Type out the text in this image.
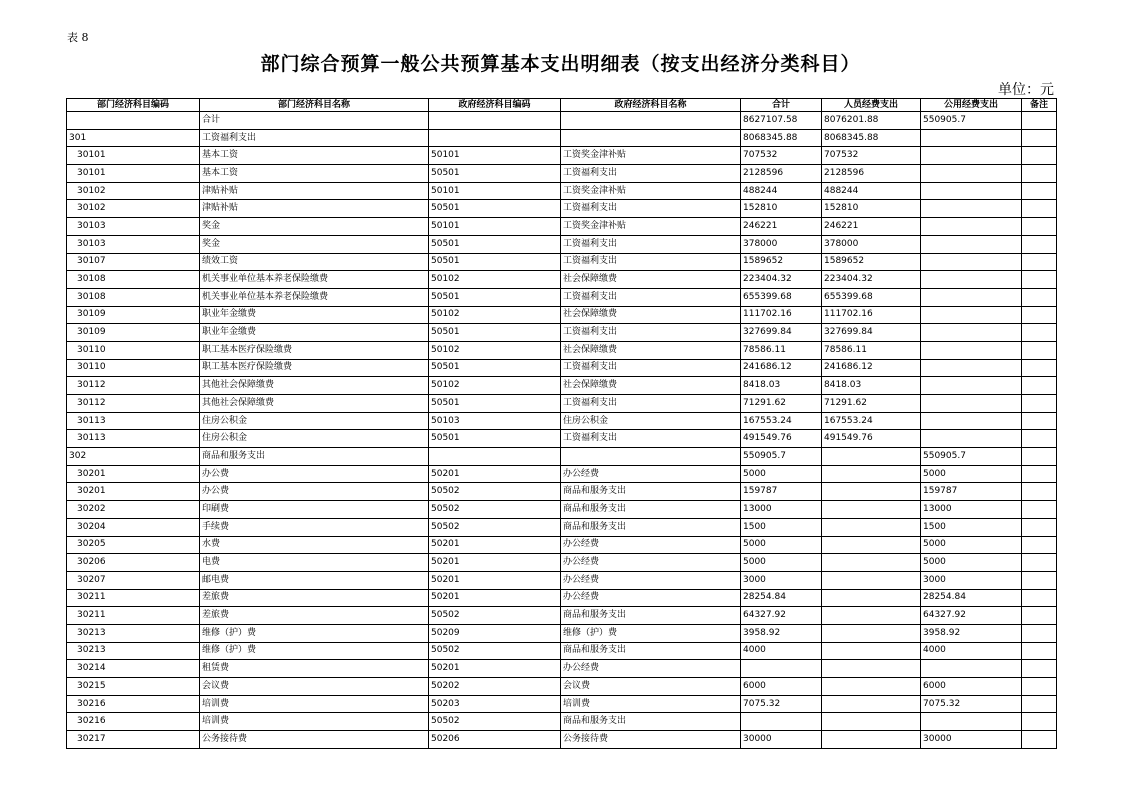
表 8
部门综合预算一般公共预算基本支出明细表（按支出经济分类科目）
单位：元
部门经济科目编码	部门经济科目名称	政府经济科目编码	政府经济科目名称	合计	人员经费支出	公用经费支出	备注
	合计			8627107.58	8076201.88	550905.7	
301	工资福利支出			8068345.88	8068345.88		
30101	基本工资	50101	工资奖金津补贴	707532	707532		
30101	基本工资	50501	工资福利支出	2128596	2128596		
30102	津贴补贴	50101	工资奖金津补贴	488244	488244		
30102	津贴补贴	50501	工资福利支出	152810	152810		
30103	奖金	50101	工资奖金津补贴	246221	246221		
30103	奖金	50501	工资福利支出	378000	378000		
30107	绩效工资	50501	工资福利支出	1589652	1589652		
30108	机关事业单位基本养老保险缴费	50102	社会保障缴费	223404.32	223404.32		
30108	机关事业单位基本养老保险缴费	50501	工资福利支出	655399.68	655399.68		
30109	职业年金缴费	50102	社会保障缴费	111702.16	111702.16		
30109	职业年金缴费	50501	工资福利支出	327699.84	327699.84		
30110	职工基本医疗保险缴费	50102	社会保障缴费	78586.11	78586.11		
30110	职工基本医疗保险缴费	50501	工资福利支出	241686.12	241686.12		
30112	其他社会保障缴费	50102	社会保障缴费	8418.03	8418.03		
30112	其他社会保障缴费	50501	工资福利支出	71291.62	71291.62		
30113	住房公积金	50103	住房公积金	167553.24	167553.24		
30113	住房公积金	50501	工资福利支出	491549.76	491549.76		
302	商品和服务支出			550905.7		550905.7	
30201	办公费	50201	办公经费	5000		5000	
30201	办公费	50502	商品和服务支出	159787		159787	
30202	印刷费	50502	商品和服务支出	13000		13000	
30204	手续费	50502	商品和服务支出	1500		1500	
30205	水费	50201	办公经费	5000		5000	
30206	电费	50201	办公经费	5000		5000	
30207	邮电费	50201	办公经费	3000		3000	
30211	差旅费	50201	办公经费	28254.84		28254.84	
30211	差旅费	50502	商品和服务支出	64327.92		64327.92	
30213	维修（护）费	50209	维修（护）费	3958.92		3958.92	
30213	维修（护）费	50502	商品和服务支出	4000		4000	
30214	租赁费	50201	办公经费				
30215	会议费	50202	会议费	6000		6000	
30216	培训费	50203	培训费	7075.32		7075.32	
30216	培训费	50502	商品和服务支出				
30217	公务接待费	50206	公务接待费	30000		30000	
